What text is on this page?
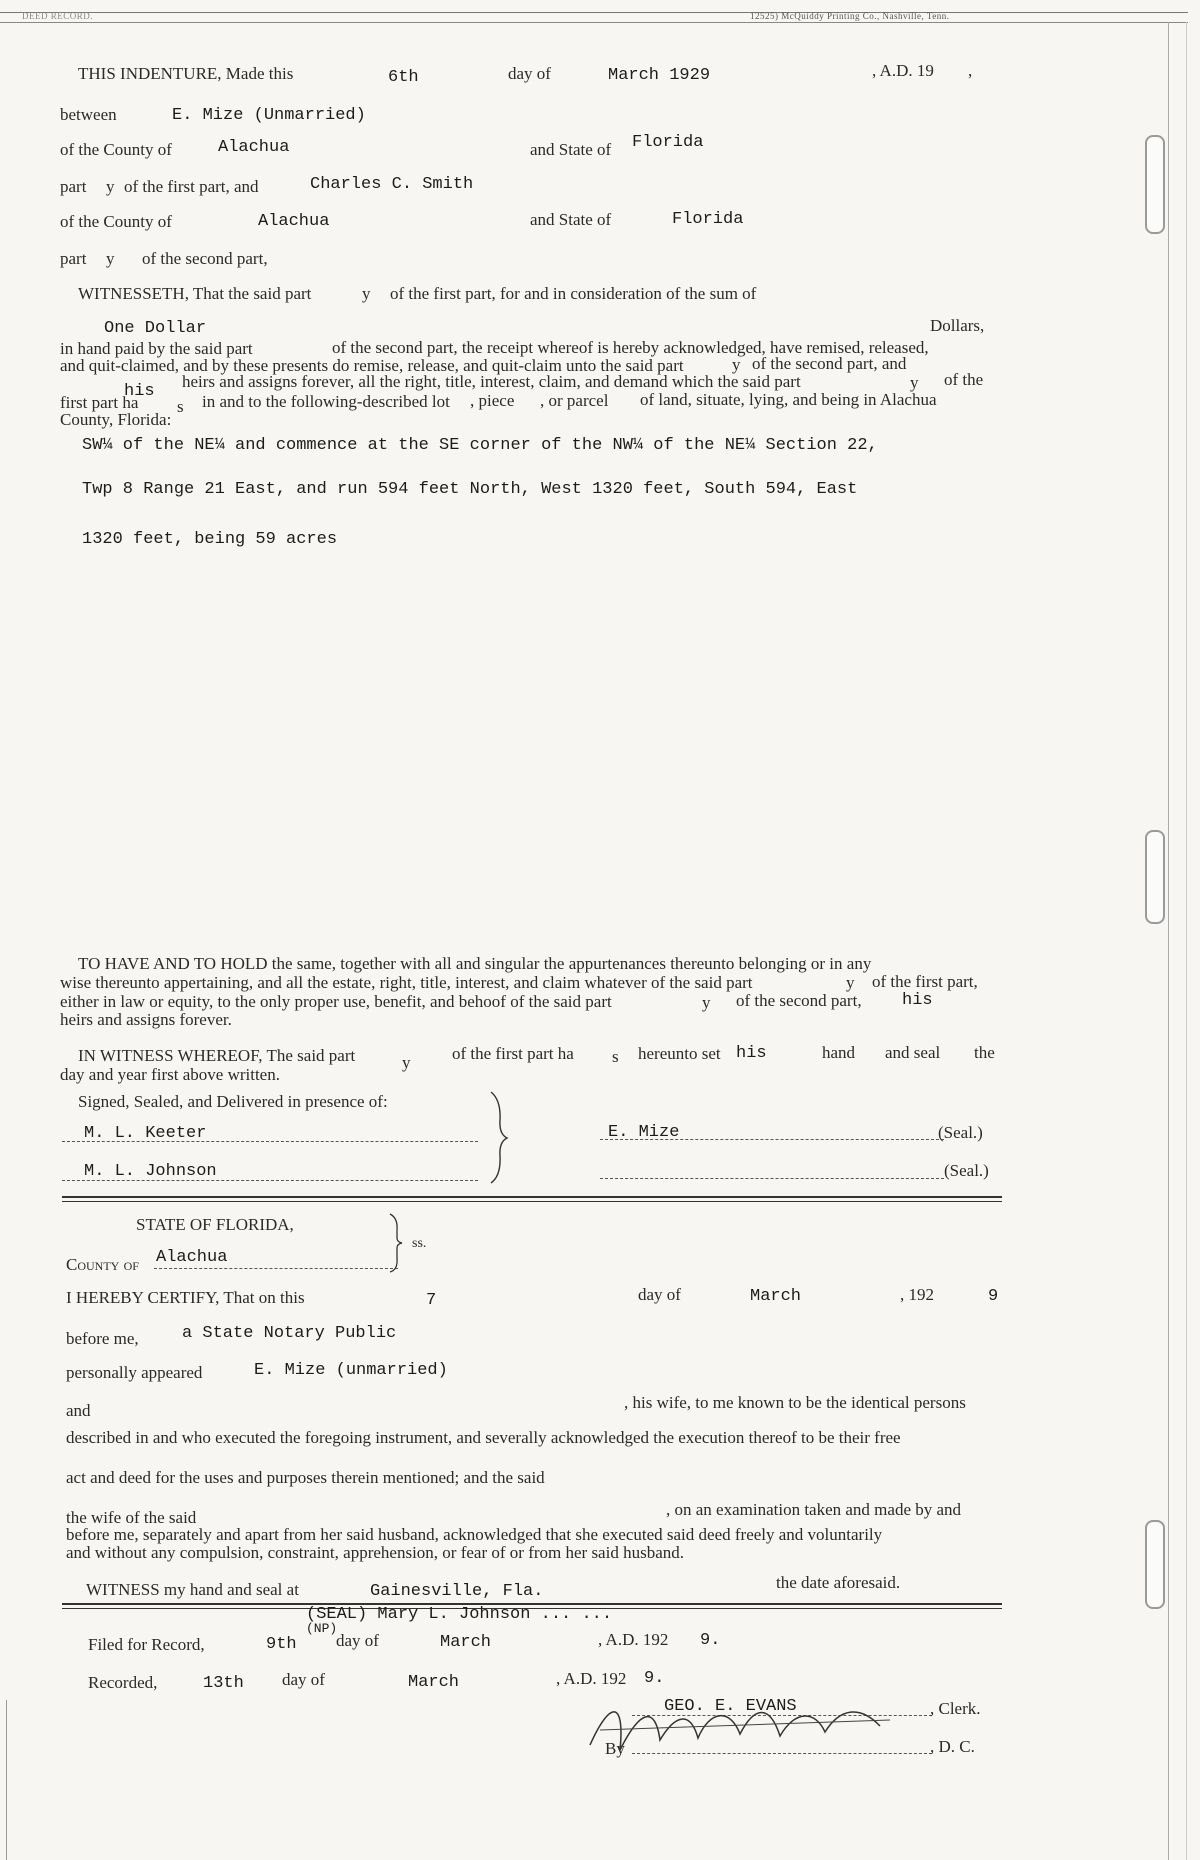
DEED RECORD.	12525) McQuiddy Printing Co., Nashville, Tenn.
THIS INDENTURE, Made this	6th	day of	March 1929	, A.D. 19 ,
between	E. Mize (Unmarried)
of the County of	Alachua	and State of Florida
part y of the first part, and	Charles C. Smith
of the County of	Alachua	and State of	Florida
part y of the second part,
WITNESSETH, That the said part	y of the first part, for and in consideration of the sum of
One Dollar	Dollars,
in hand paid by the said part	of the second part, the receipt whereof is hereby acknowledged, have remised, released,
and quit-claimed, and by these presents do remise, release, and quit-claim unto the said part	y of the second part, and
his
heirs and assigns forever, all the right, title, interest, claim, and demand which the said part	y of the
first part ha s in and to the following-described lot , piece , or parcel of land, situate, lying, and being in Alachua
County, Florida:
SW¼ of the NE¼ and commence at the SE corner of the NW¼ of the NE¼ Section 22,
Twp 8 Range 21 East, and run 594 feet North, West 1320 feet, South 594, East
1320 feet, being 59 acres
TO HAVE AND TO HOLD the same, together with all and singular the appurtenances thereunto belonging or in any
wise thereunto appertaining, and all the estate, right, title, interest, and claim whatever of the said part	y of the first part,
either in law or equity, to the only proper use, benefit, and behoof of the said part	y of the second part, his
heirs and assigns forever.
IN WITNESS WHEREOF, The said part	y of the first part ha s hereunto set his	hand and seal the
day and year first above written.
Signed, Sealed, and Delivered in presence of:
M. L. Keeter
M. L. Johnson
E. Mize	(Seal.)
(Seal.)
STATE OF FLORIDA,
County of Alachua
ss.
I HEREBY CERTIFY, That on this	7	day of	March	, 192	9
before me,	a State Notary Public
personally appeared	E. Mize (unmarried)
and	, his wife, to me known to be the identical persons
described in and who executed the foregoing instrument, and severally acknowledged the execution thereof to be their free
act and deed for the uses and purposes therein mentioned; and the said
the wife of the said	, on an examination taken and made by and
before me, separately and apart from her said husband, acknowledged that she executed said deed freely and voluntarily
and without any compulsion, constraint, apprehension, or fear of or from her said husband.
WITNESS my hand and seal at	Gainesville, Fla.	the date aforesaid.
(SEAL) Mary L. Johnson ... ...
(NP)
Filed for Record,	9th day of	March	, A.D. 192 9.
Recorded,	13th day of	March	, A.D. 192 9.
GEO. E. EVANS	, Clerk.
By	, D. C.
